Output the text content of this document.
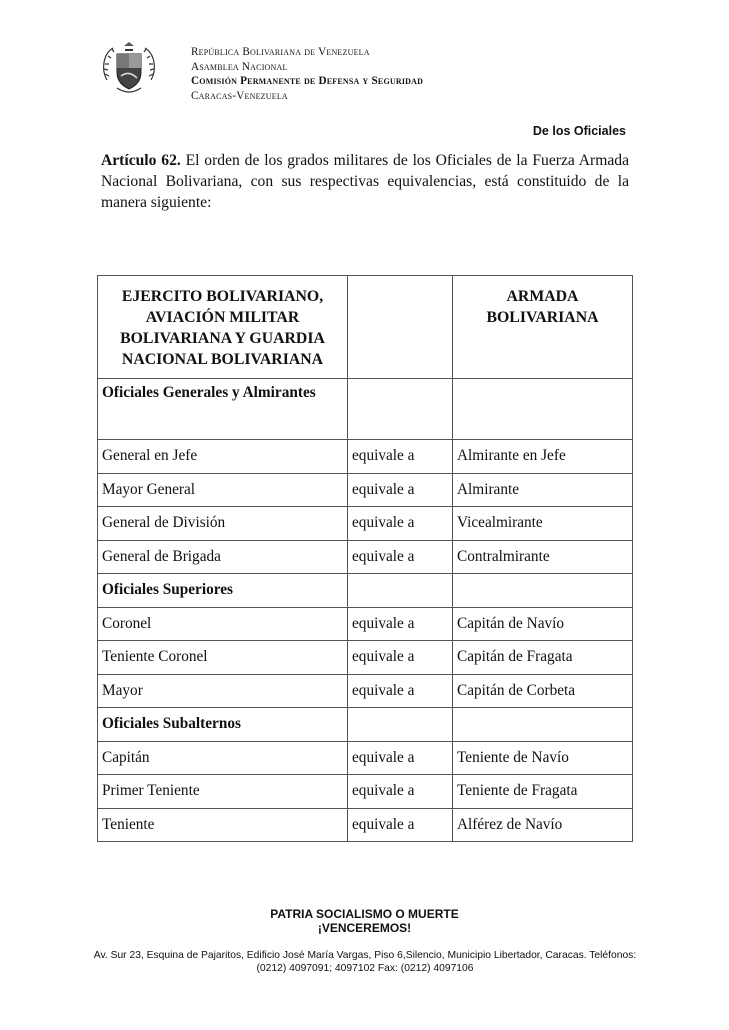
República Bolivariana de Venezuela
Asamblea Nacional
Comisión Permanente de Defensa y Seguridad
Caracas-Venezuela
De los Oficiales
Artículo 62. El orden de los grados militares de los Oficiales de la Fuerza Armada Nacional Bolivariana, con sus respectivas equivalencias, está constituido de la manera siguiente:
EJERCITO BOLIVARIANO, AVIACIÓN MILITAR BOLIVARIANA Y GUARDIA NACIONAL BOLIVARIANA		ARMADA BOLIVARIANA
Oficiales Generales y Almirantes		
General en Jefe	equivale a	Almirante en Jefe
Mayor General	equivale a	Almirante
General de División	equivale a	Vicealmirante
General de Brigada	equivale a	Contralmirante
Oficiales Superiores		
Coronel	equivale a	Capitán de Navío
Teniente Coronel	equivale a	Capitán de Fragata
Mayor	equivale a	Capitán de Corbeta
Oficiales Subalternos		
Capitán	equivale a	Teniente de Navío
Primer Teniente	equivale a	Teniente de Fragata
Teniente	equivale a	Alférez de Navío
PATRIA SOCIALISMO O MUERTE
¡VENCEREMOS!
Av. Sur 23, Esquina de Pajaritos, Edificio José María Vargas, Piso 6,Silencio, Municipio Libertador, Caracas. Teléfonos: (0212) 4097091; 4097102 Fax: (0212) 4097106
